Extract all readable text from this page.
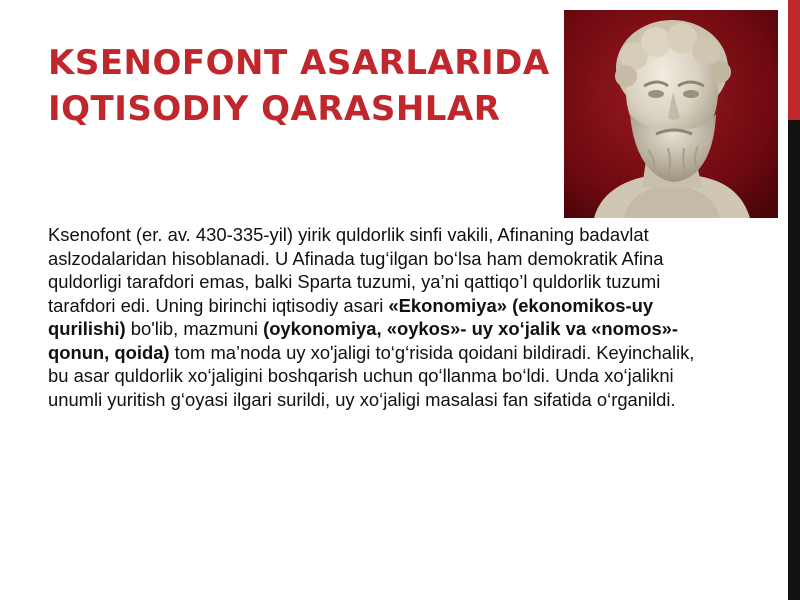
KSENOFONT ASARLARIDA
IQTISODIY QARASHLAR

Ksenofont (er. av. 430-335-yil) yirik quldorlik sinfi vakili, Afinaning badavlat aslzodalaridan hisoblanadi. U Afinada tug‘ilgan bo‘lsa ham demokratik Afina quldorligi tarafdori emas, balki Sparta tuzumi, ya’ni qattiqo’l quldorlik tuzumi tarafdori edi. Uning birinchi iqtisodiy asari «Ekonomiya» (ekonomikos-uy qurilishi) bo'lib, mazmuni (oykonomiya, «oykos»- uy xo‘jalik va «nomos»-qonun, qoida) tom ma’noda uy xo'jaligi to‘g‘risida qoidani bildiradi. Keyinchalik, bu asar quldorlik xo‘jaligini boshqarish uchun qo‘llanma bo‘ldi. Unda xo‘jalikni unumli yuritish g‘oyasi ilgari surildi, uy xo‘jaligi masalasi fan sifatida o‘rganildi.
